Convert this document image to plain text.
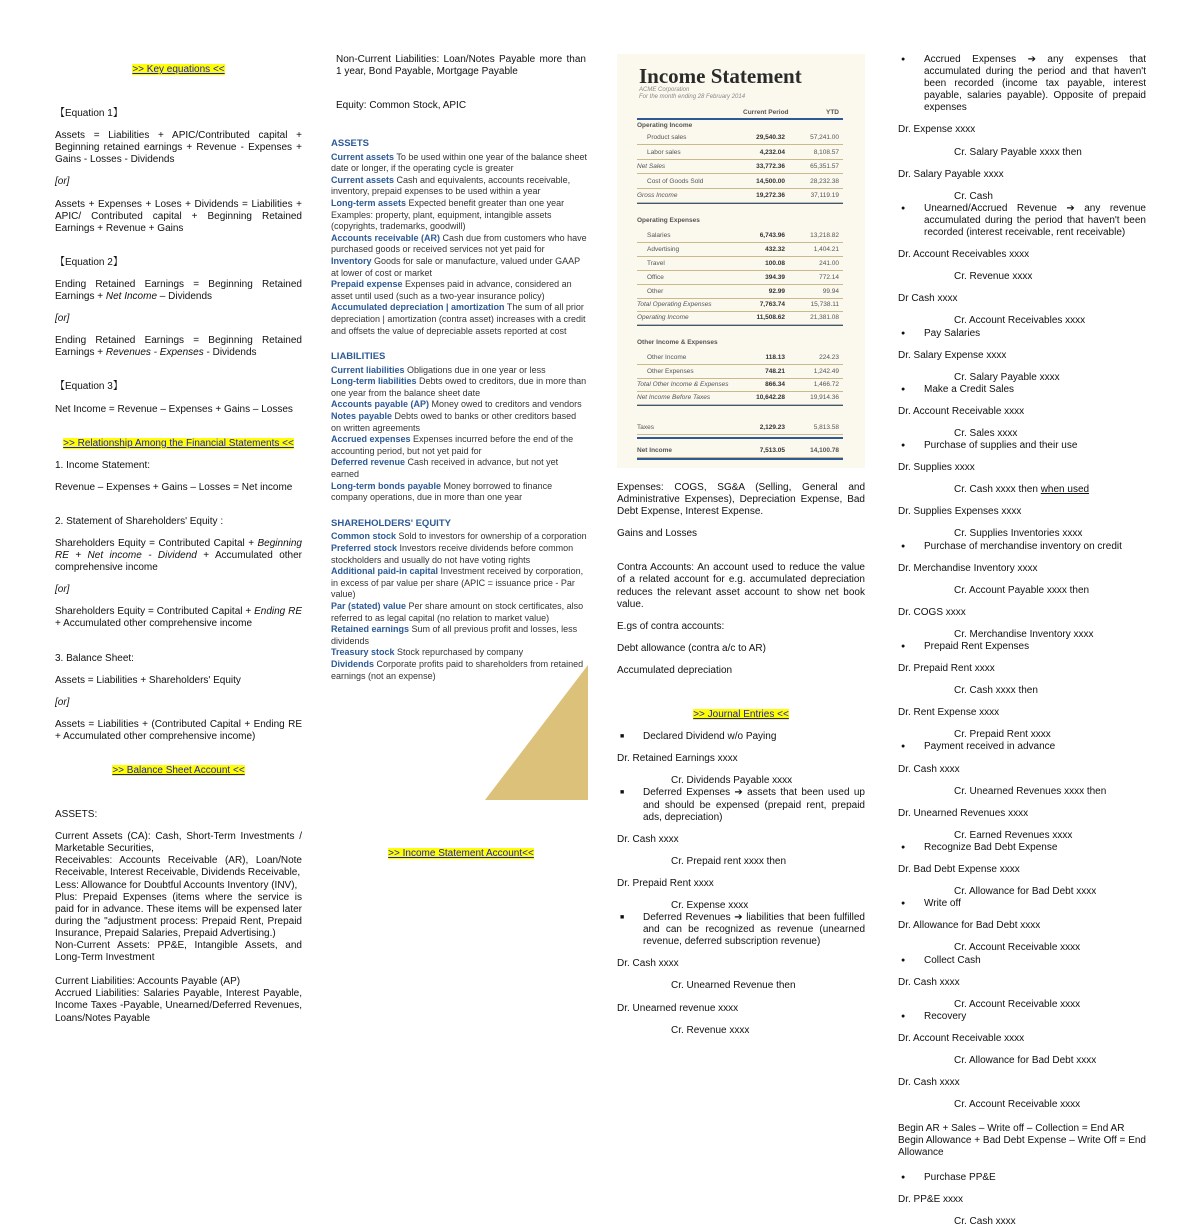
>> Key equations <<

【Equation 1】

Assets = Liabilities + APIC/Contributed capital + Beginning retained earnings + Revenue - Expenses + Gains - Losses - Dividends

[or]

Assets + Expenses + Loses + Dividends = Liabilities + APIC/ Contributed capital + Beginning Retained Earnings + Revenue + Gains

【Equation 2】

Ending Retained Earnings = Beginning Retained Earnings + Net Income – Dividends

[or]

Ending Retained Earnings = Beginning Retained Earnings + Revenues - Expenses - Dividends

【Equation 3】

Net Income = Revenue – Expenses + Gains – Losses

>> Relationship Among the Financial Statements <<

1. Income Statement:

Revenue – Expenses + Gains – Losses = Net income

2. Statement of Shareholders' Equity :

Shareholders Equity = Contributed Capital + Beginning RE + Net income - Dividend + Accumulated other comprehensive income

[or]

Shareholders Equity = Contributed Capital + Ending RE + Accumulated other comprehensive income

3. Balance Sheet:

Assets = Liabilities + Shareholders' Equity

[or]

Assets = Liabilities + (Contributed Capital + Ending RE + Accumulated other comprehensive income)

>> Balance Sheet Account <<

ASSETS:

Current Assets (CA): Cash, Short-Term Investments / Marketable Securities,

Receivables: Accounts Receivable (AR), Loan/Note Receivable, Interest Receivable, Dividends Receivable,

Less: Allowance for Doubtful Accounts Inventory (INV),

Plus: Prepaid Expenses (items where the service is paid for in advance. These items will be expensed later during the "adjustment process: Prepaid Rent, Prepaid Insurance, Prepaid Salaries, Prepaid Advertising.)

Non-Current Assets: PP&E, Intangible Assets, and Long-Term Investment

Current Liabilities: Accounts Payable (AP)

Accrued Liabilities: Salaries Payable, Interest Payable, Income Taxes -Payable, Unearned/Deferred Revenues, Loans/Notes Payable

Non-Current Liabilities: Loan/Notes Payable more than 1 year, Bond Payable, Mortgage Payable

Equity: Common Stock, APIC

ASSETS

Current assets To be used within one year of the balance sheet date or longer, if the operating cycle is greater

Current assets Cash and equivalents, accounts receivable, inventory, prepaid expenses to be used within a year

Long-term assets Expected benefit greater than one year Examples: property, plant, equipment, intangible assets (copyrights, trademarks, goodwill)

Accounts receivable (AR) Cash due from customers who have purchased goods or received services not yet paid for

Inventory Goods for sale or manufacture, valued under GAAP at lower of cost or market

Prepaid expense Expenses paid in advance, considered an asset until used (such as a two-year insurance policy)

Accumulated depreciation | amortization The sum of all prior depreciation | amortization (contra asset) increases with a credit and offsets the value of depreciable assets reported at cost

LIABILITIES

Current liabilities Obligations due in one year or less

Long-term liabilities Debts owed to creditors, due in more than one year from the balance sheet date

Accounts payable (AP) Money owed to creditors and vendors

Notes payable Debts owed to banks or other creditors based on written agreements

Accrued expenses Expenses incurred before the end of the accounting period, but not yet paid for

Deferred revenue Cash received in advance, but not yet earned

Long-term bonds payable Money borrowed to finance company operations, due in more than one year

SHAREHOLDERS' EQUITY

Common stock Sold to investors for ownership of a corporation

Preferred stock Investors receive dividends before common stockholders and usually do not have voting rights

Additional paid-in capital Investment received by corporation, in excess of par value per share (APIC = issuance price - Par value)

Par (stated) value Per share amount on stock certificates, also referred to as legal capital (no relation to market value)

Retained earnings Sum of all previous profit and losses, less dividends

Treasury stock Stock repurchased by company

Dividends Corporate profits paid to shareholders from retained earnings (not an expense)

>> Income Statement Account<<

Income Statement
ACME Corporation
For the month ending 28 February 2014
Current Period	YTD
Operating Income
Operating Expenses
Other Income & Expenses
Product sales	29,540.32	57,241.00
Labor sales	4,232.04	8,108.57
Net Sales	33,772.36	65,351.57
Cost of Goods Sold	14,500.00	28,232.38
Gross Income	19,272.36	37,119.19
Salaries	6,743.96	13,218.82
Advertising	432.32	1,404.21
Travel	100.08	241.00
Office	394.39	772.14
Other	92.99	99.94
Total Operating Expenses	7,763.74	15,738.11
Operating Income	11,508.62	21,381.08
Other Income	118.13	224.23
Other Expenses	748.21	1,242.49
Total Other Income & Expenses	866.34	1,466.72
Net Income Before Taxes	10,642.28	19,914.36
Taxes	2,129.23	5,813.58
Net Income	7,513.05	14,100.78

Expenses: COGS, SG&A (Selling, General and Administrative Expenses), Depreciation Expense, Bad Debt Expense, Interest Expense.

Gains and Losses

Contra Accounts: An account used to reduce the value of a related account for e.g. accumulated depreciation reduces the relevant asset account to show net book value.

E.gs of contra accounts:

Debt allowance (contra a/c to AR)

Accumulated depreciation

>> Journal Entries <<

■ Declared Dividend w/o Paying

Dr. Retained Earnings xxxx

Cr. Dividends Payable xxxx

■ Deferred Expenses ➔ assets that been used up and should be expensed (prepaid rent, prepaid ads, depreciation)

Dr. Cash xxxx

Cr. Prepaid rent xxxx then

Dr. Prepaid Rent xxxx

Cr. Expense xxxx

■ Deferred Revenues ➔ liabilities that been fulfilled and can be recognized as revenue (unearned revenue, deferred subscription revenue)

Dr. Cash xxxx

Cr. Unearned Revenue then

Dr. Unearned revenue xxxx

Cr. Revenue xxxx

● Accrued Expenses ➔ any expenses that accumulated during the period and that haven't been recorded (income tax payable, interest payable, salaries payable). Opposite of prepaid expenses

Dr. Expense xxxx

Cr. Salary Payable xxxx then

Dr. Salary Payable xxxx

Cr. Cash

● Unearned/Accrued Revenue ➔ any revenue accumulated during the period that haven't been recorded (interest receivable, rent receivable)

Dr. Account Receivables xxxx

Cr. Revenue xxxx

Dr Cash xxxx

Cr. Account Receivables xxxx

● Pay Salaries

Dr. Salary Expense xxxx

Cr. Salary Payable xxxx

● Make a Credit Sales

Dr. Account Receivable xxxx

Cr. Sales xxxx

● Purchase of supplies and their use

Dr. Supplies xxxx

Cr. Cash xxxx then when used

Dr. Supplies Expenses xxxx

Cr. Supplies Inventories xxxx

● Purchase of merchandise inventory on credit

Dr. Merchandise Inventory xxxx

Cr. Account Payable xxxx then

Dr. COGS xxxx

Cr. Merchandise Inventory xxxx

● Prepaid Rent Expenses

Dr. Prepaid Rent xxxx

Cr. Cash xxxx then

Dr. Rent Expense xxxx

Cr. Prepaid Rent xxxx

● Payment received in advance

Dr. Cash xxxx

Cr. Unearned Revenues xxxx then

Dr. Unearned Revenues xxxx

Cr. Earned Revenues xxxx

● Recognize Bad Debt Expense

Dr. Bad Debt Expense xxxx

Cr. Allowance for Bad Debt xxxx

● Write off

Dr. Allowance for Bad Debt xxxx

Cr. Account Receivable xxxx

● Collect Cash

Dr. Cash xxxx

Cr. Account Receivable xxxx

● Recovery

Dr. Account Receivable xxxx

Cr. Allowance for Bad Debt xxxx

Dr. Cash xxxx

Cr. Account Receivable xxxx

Begin AR + Sales – Write off – Collection = End AR

Begin Allowance + Bad Debt Expense – Write Off = End Allowance

● Purchase PP&E

Dr. PP&E xxxx

Cr. Cash xxxx
